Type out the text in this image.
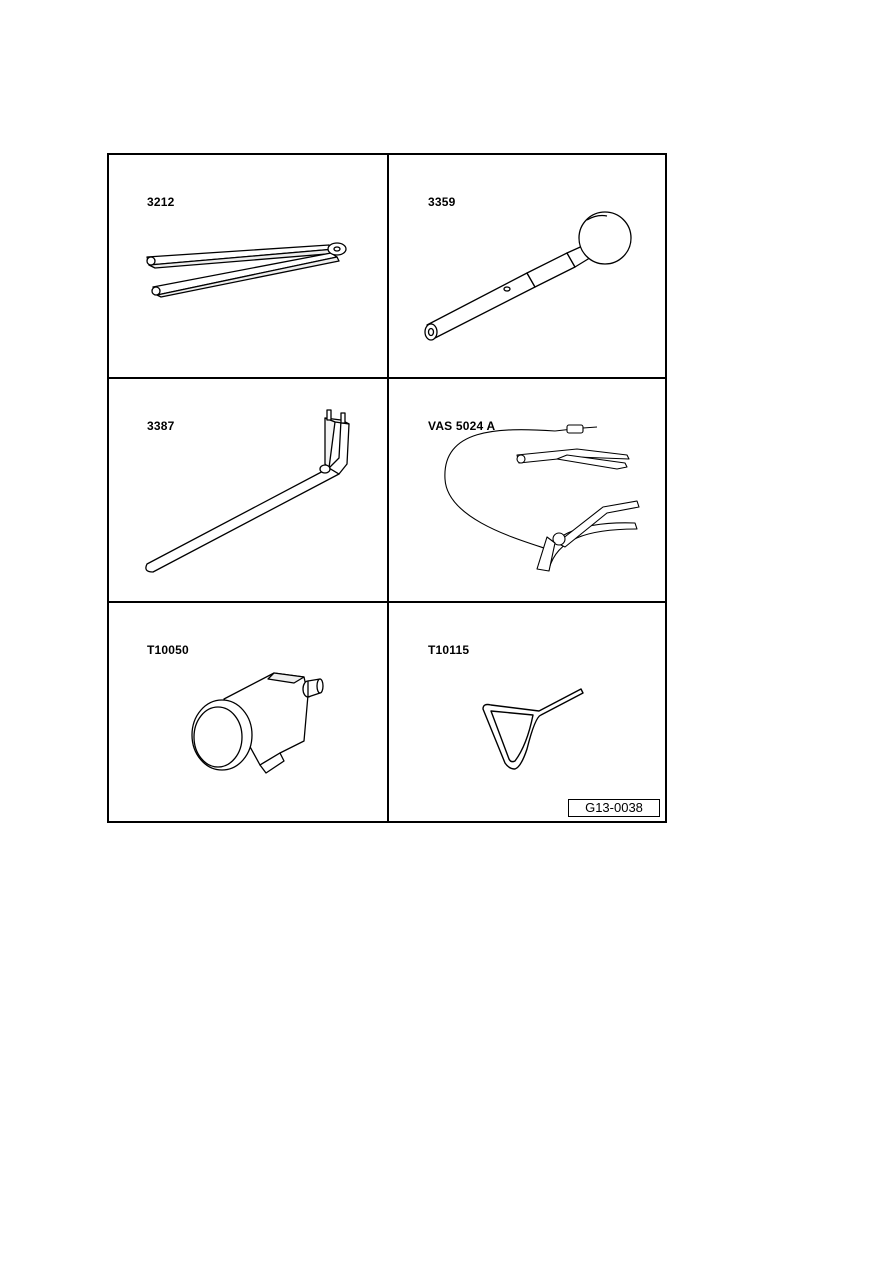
3212	3359
3387	VAS 5024 A
T10050	T10115
G13-0038
